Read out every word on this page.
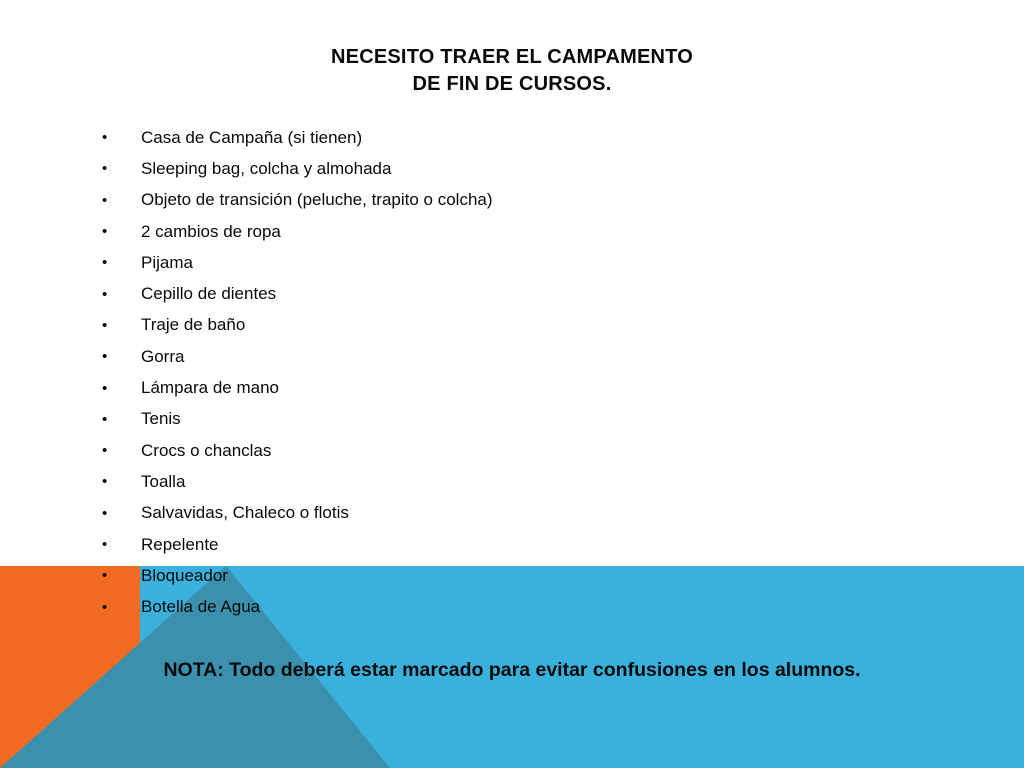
NECESITO TRAER EL CAMPAMENTO
DE FIN DE CURSOS.
•	Casa de Campaña (si tienen)
•	Sleeping bag, colcha y almohada
•	Objeto de transición (peluche, trapito o colcha)
•	2 cambios de ropa
•	Pijama
•	Cepillo de dientes
•	Traje de baño
•	Gorra
•	Lámpara de mano
•	Tenis
•	Crocs o chanclas
•	Toalla
•	Salvavidas, Chaleco o flotis
•	Repelente
•	Bloqueador
•	Botella de Agua
NOTA: Todo deberá estar marcado para evitar confusiones en los alumnos.
